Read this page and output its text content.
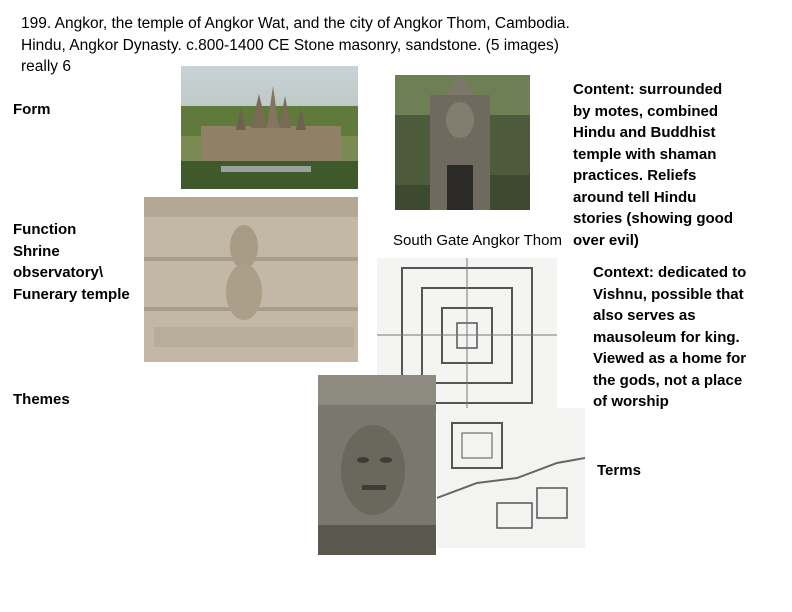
199. Angkor, the temple of Angkor Wat, and the city of Angkor Thom, Cambodia.
Hindu, Angkor Dynasty. c.800-1400 CE Stone masonry, sandstone. (5 images)
really 6
Form
Function
Shrine
observatory\
Funerary temple
Themes
Content: surrounded
by motes, combined
Hindu and Buddhist
temple with shaman
practices. Reliefs
around tell Hindu
stories (showing good
over evil)
South Gate Angkor Thom
Context: dedicated to
Vishnu, possible that
also serves as
mausoleum for king.
Viewed as a home for
the gods, not a place
of worship
Terms
